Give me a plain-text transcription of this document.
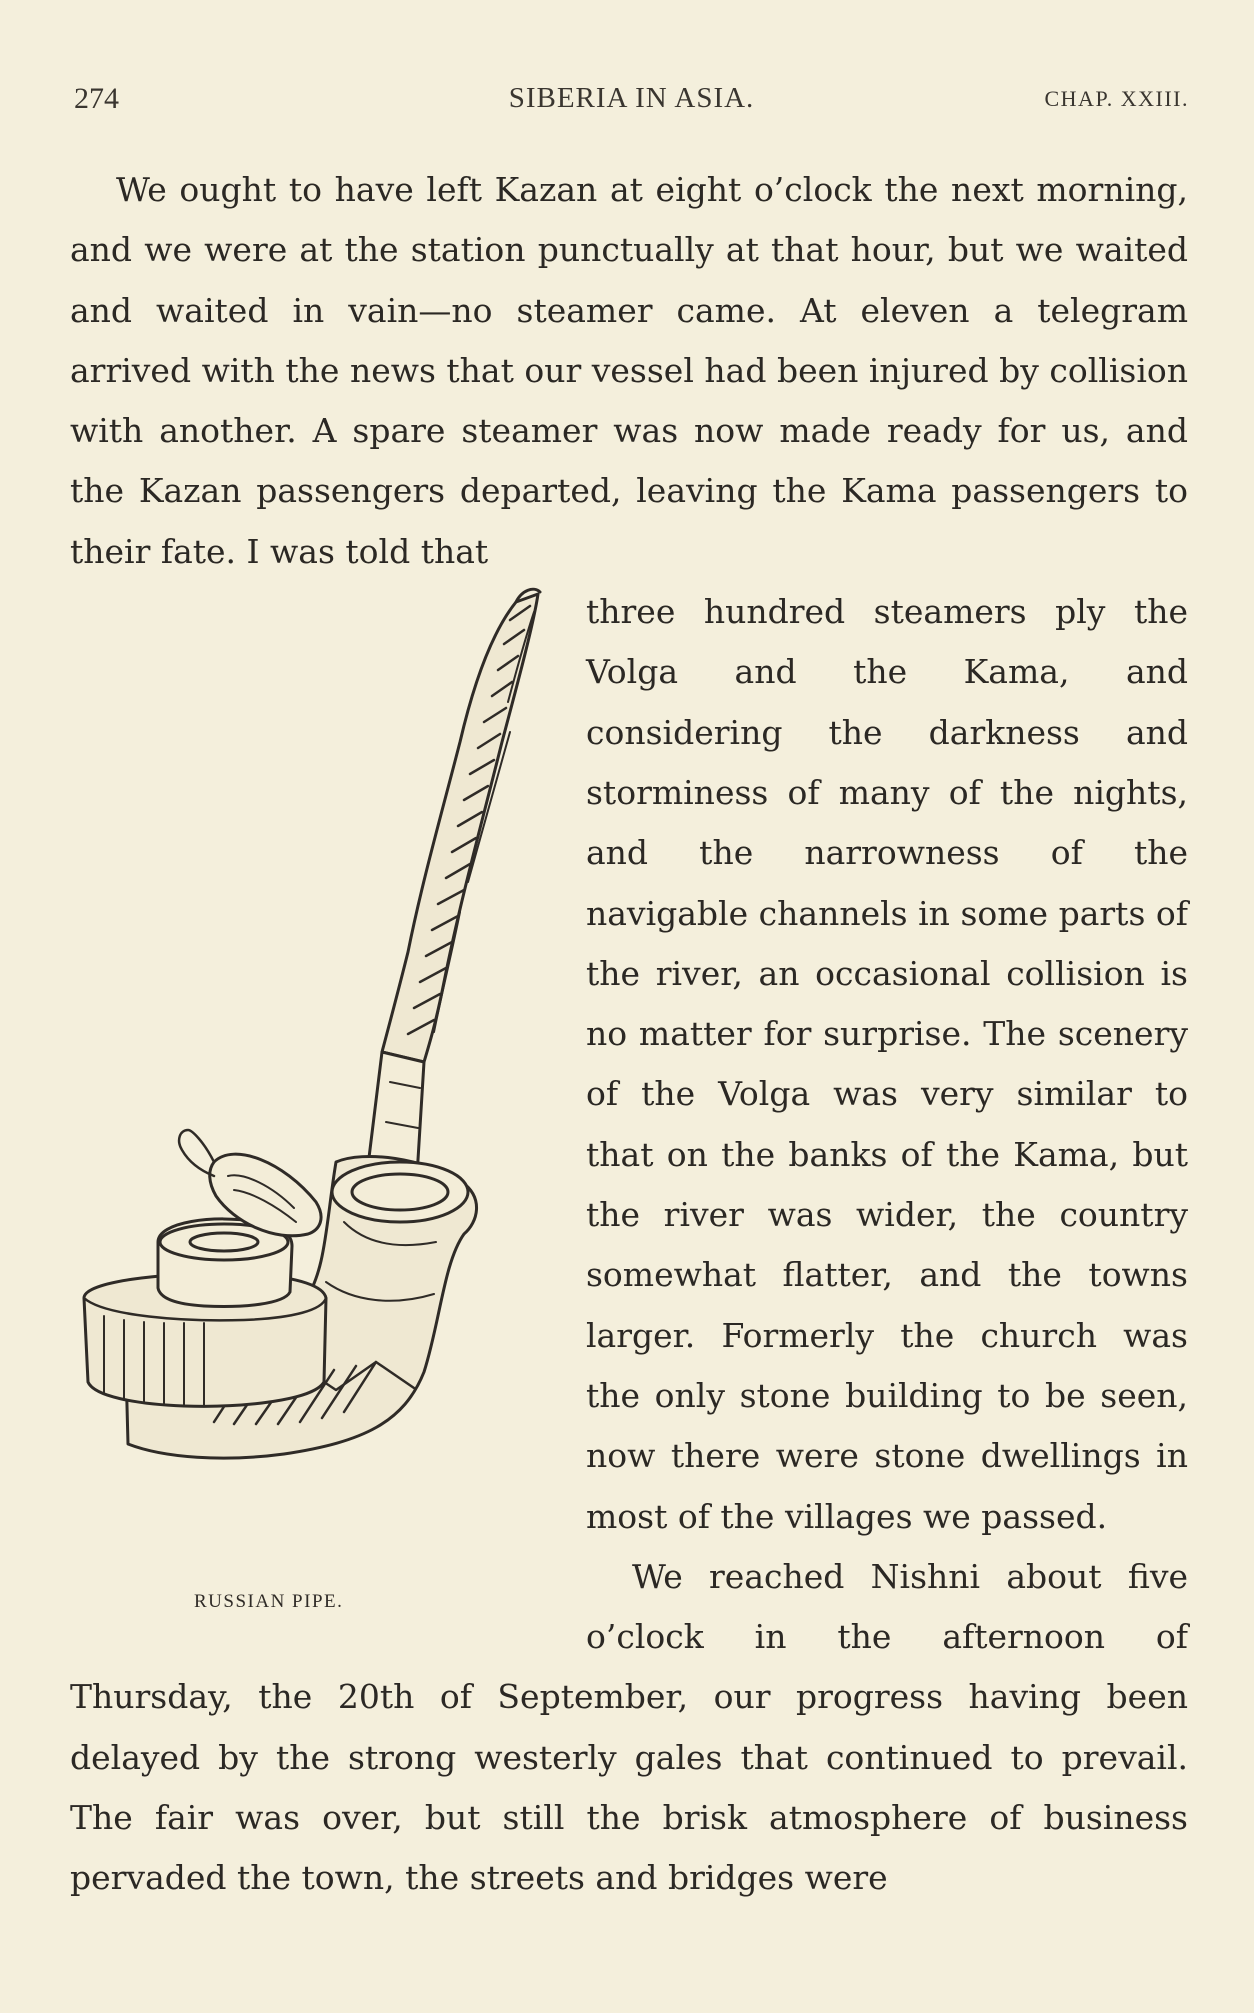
274	SIBERIA IN ASIA.	CHAP. XXIII.

We ought to have left Kazan at eight o’clock the next morning, and we were at the station punctually at that hour, but we waited and waited in vain—no steamer came. At eleven a telegram arrived with the news that our vessel had been injured by collision with another. A spare steamer was now made ready for us, and the Kazan passengers departed, leaving the Kama passengers to their fate. I was told that

RUSSIAN PIPE.

three hundred steamers ply the Volga and the Kama, and considering the darkness and storminess of many of the nights, and the narrowness of the navigable channels in some parts of the river, an occasional collision is no matter for surprise. The scenery of the Volga was very similar to that on the banks of the Kama, but the river was wider, the country somewhat flatter, and the towns larger. Formerly the church was the only stone building to be seen, now there were stone dwellings in most of the villages we passed.

We reached Nishni about five o’clock in the afternoon of Thursday, the 20th of September, our progress having been delayed by the strong westerly gales that continued to prevail. The fair was over, but still the brisk atmosphere of business pervaded the town, the streets and bridges were
